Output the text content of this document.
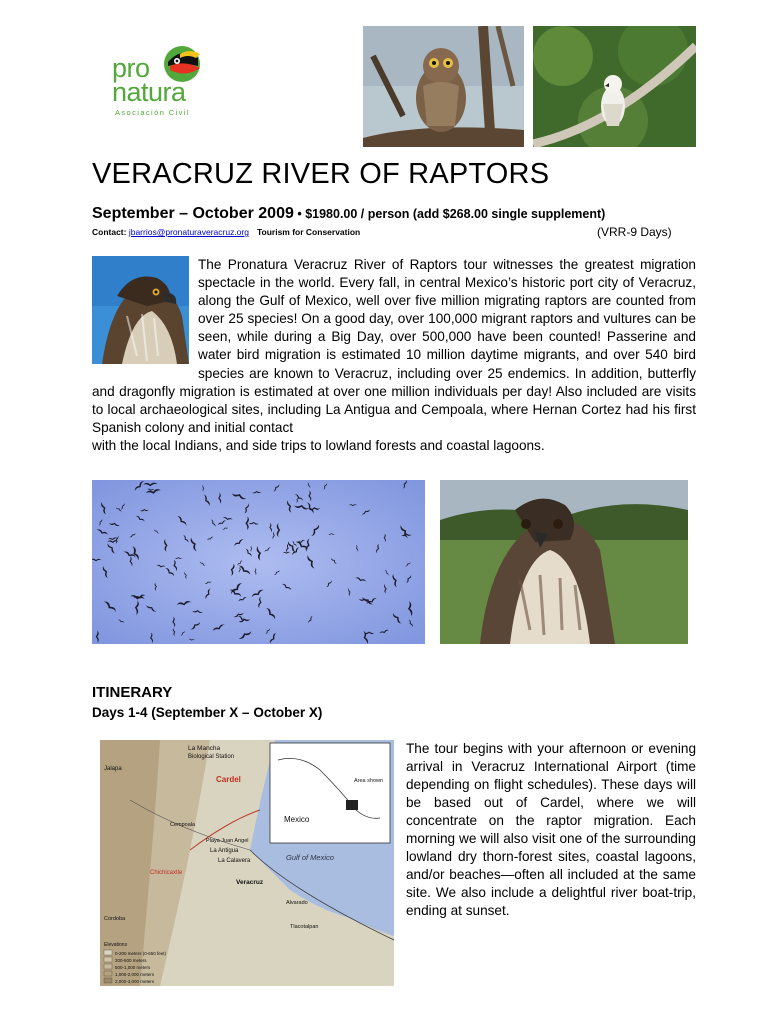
pro
natura
Asociación Civil
VERACRUZ RIVER OF RAPTORS
September – October 2009 • $1980.00 / person (add $268.00 single supplement)
Contact: jbarrios@pronaturaveracruz.org Tourism for Conservation	(VRR-9 Days)
The Pronatura Veracruz River of Raptors tour witnesses the greatest migration spectacle in the world. Every fall, in central Mexico’s historic port city of Veracruz, along the Gulf of Mexico, well over five million migrating raptors are counted from over 25 species! On a good day, over 100,000 migrant raptors and vultures can be seen, while during a Big Day, over 500,000 have been counted! Passerine and water bird migration is estimated 10 million daytime migrants, and over 540 bird species are known to Veracruz, including over 25 endemics. In addition, butterfly and dragonfly migration is estimated at over one million individuals per day! Also included are visits to local archaeological sites, including La Antigua and Cempoala, where Hernan Cortez had his first Spanish colony and initial contact
with the local Indians, and side trips to lowland forests and coastal lagoons.
ITINERARY
Days 1-4 (September X – October X)
La Mancha
Biological Station
Cardel
Jalapa
Cempoala
Playa Juan Angel
La Antigua
La Calavera
Chichicaxtle
Veracruz
Gulf of Mexico
Mexico
Area shown
Tlacotalpan
Alvarado
Cordoba
Elevations
0-200 meters (0-650 feet)
200-500 meters
500-1,000 meters
1,000-2,000 meters
2,000-3,000 meters
The tour begins with your afternoon or evening arrival in Veracruz International Airport (time depending on flight schedules). These days will be based out of Cardel, where we will concentrate on the raptor migration. Each morning we will also visit one of the surrounding lowland dry thorn-forest sites, coastal lagoons, and/or beaches—often all included at the same site. We also include a delightful river boat-trip, ending at sunset.
